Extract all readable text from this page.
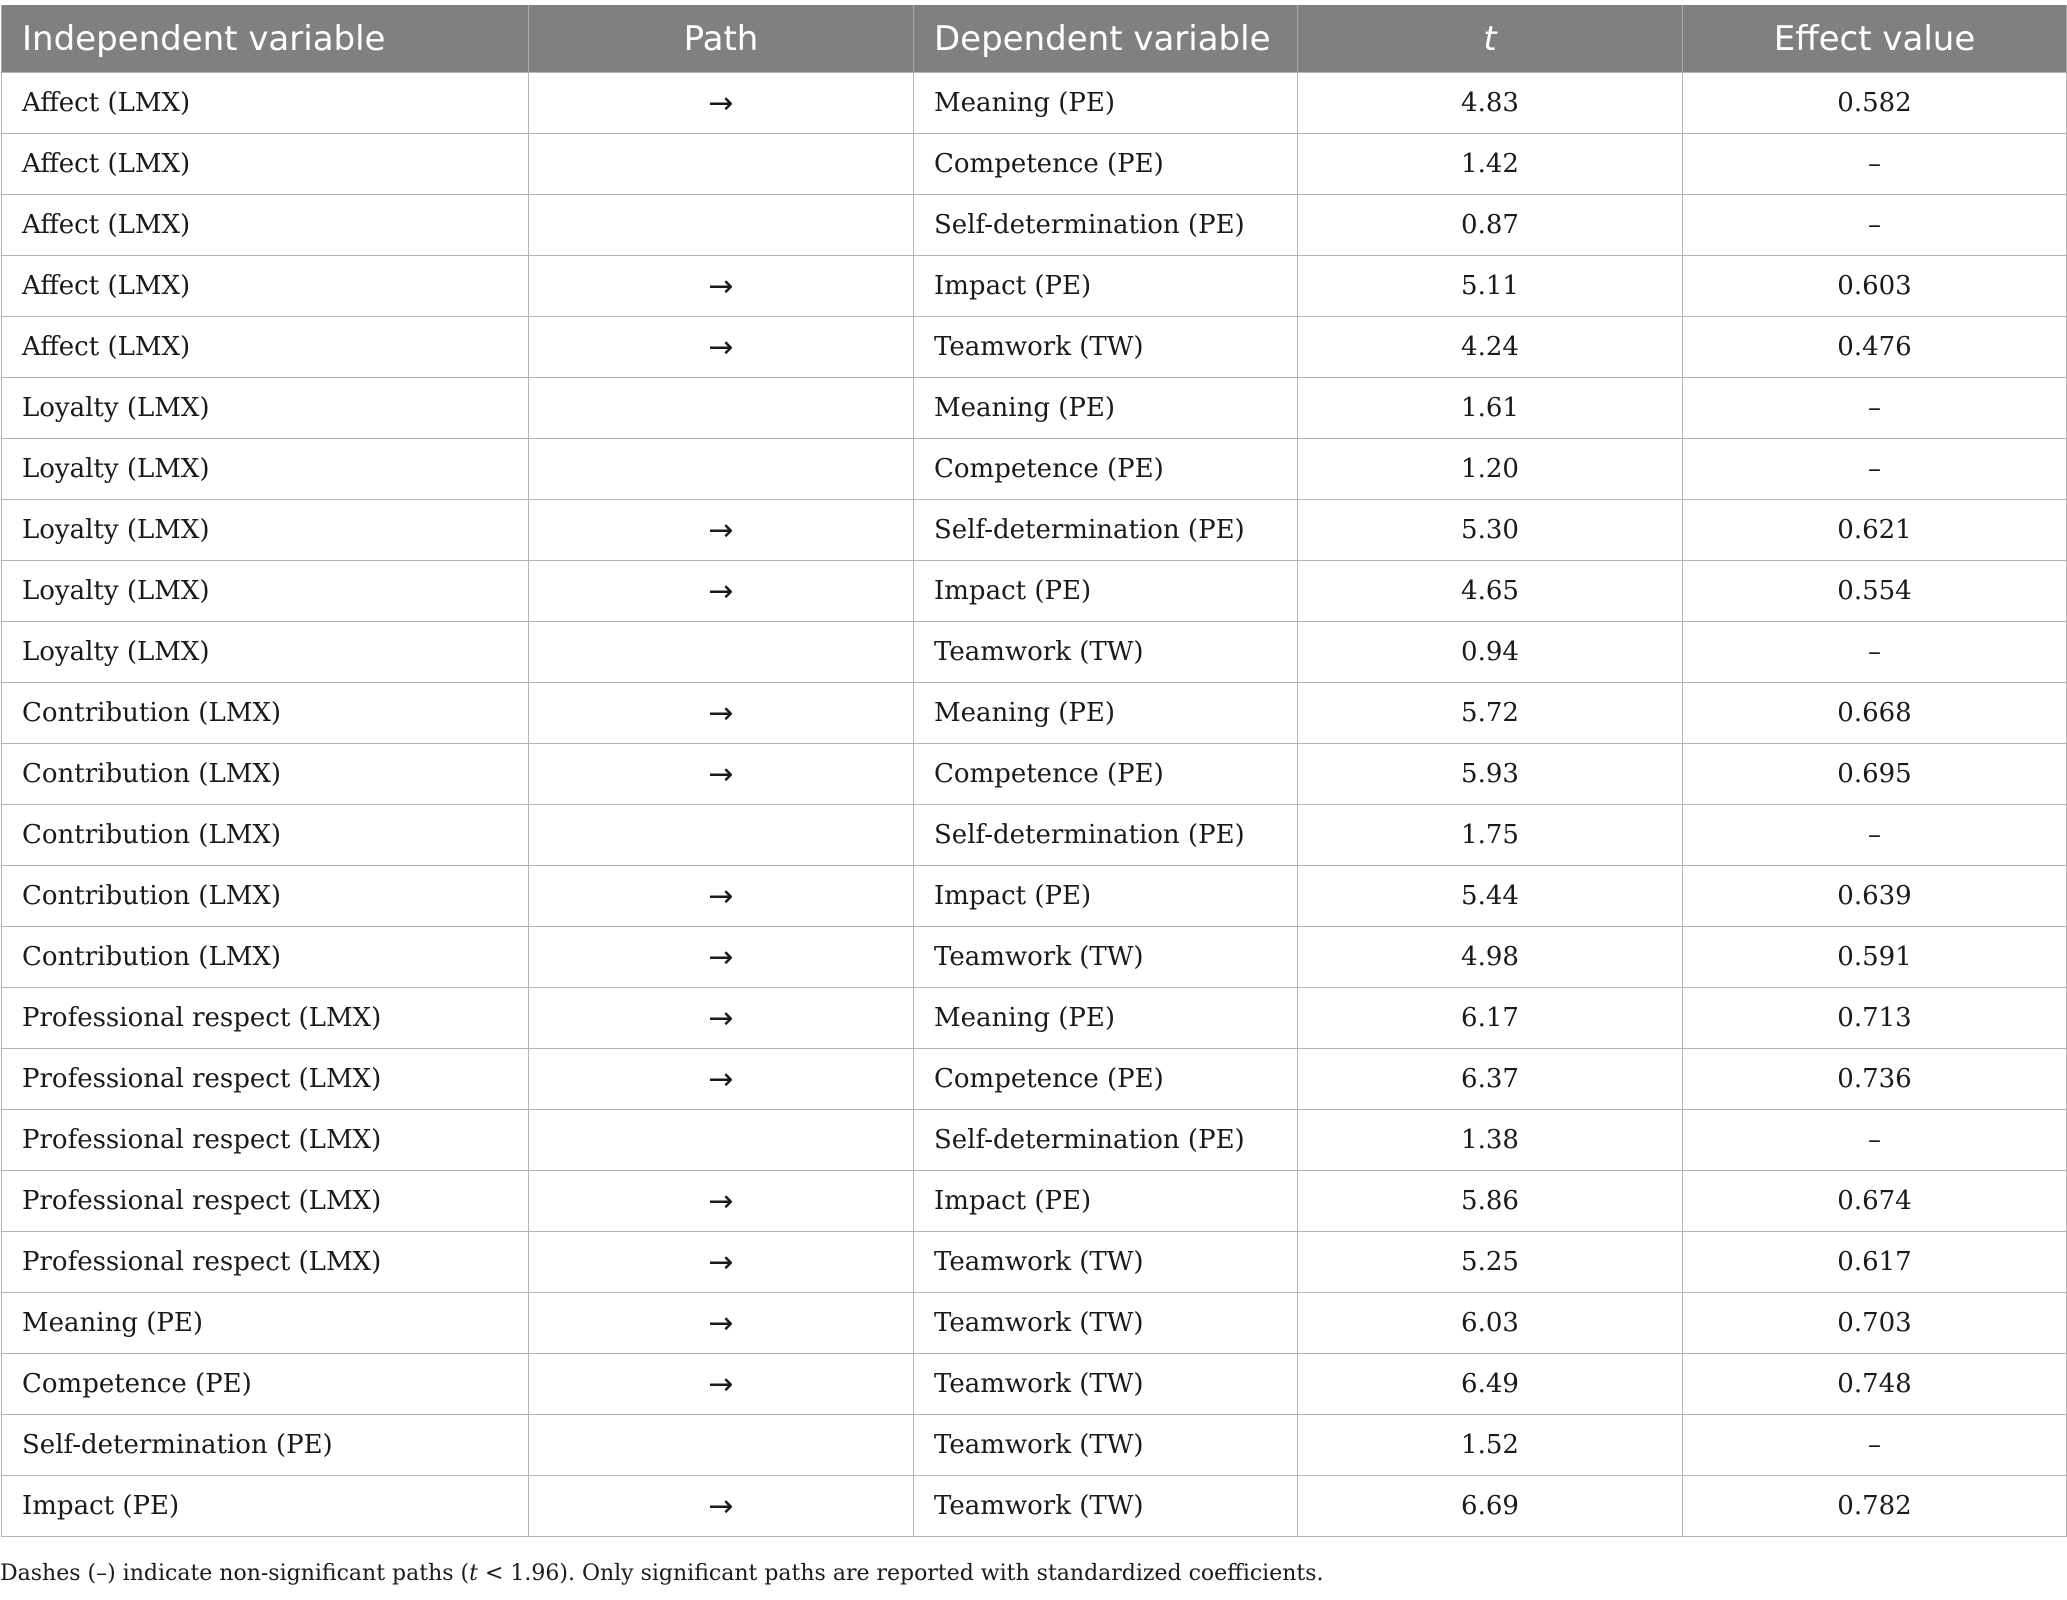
Independent variable	Path	Dependent variable	t	Effect value
Affect (LMX)	→	Meaning (PE)	4.83	0.582
Affect (LMX)		Competence (PE)	1.42	–
Affect (LMX)		Self-determination (PE)	0.87	–
Affect (LMX)	→	Impact (PE)	5.11	0.603
Affect (LMX)	→	Teamwork (TW)	4.24	0.476
Loyalty (LMX)		Meaning (PE)	1.61	–
Loyalty (LMX)		Competence (PE)	1.20	–
Loyalty (LMX)	→	Self-determination (PE)	5.30	0.621
Loyalty (LMX)	→	Impact (PE)	4.65	0.554
Loyalty (LMX)		Teamwork (TW)	0.94	–
Contribution (LMX)	→	Meaning (PE)	5.72	0.668
Contribution (LMX)	→	Competence (PE)	5.93	0.695
Contribution (LMX)		Self-determination (PE)	1.75	–
Contribution (LMX)	→	Impact (PE)	5.44	0.639
Contribution (LMX)	→	Teamwork (TW)	4.98	0.591
Professional respect (LMX)	→	Meaning (PE)	6.17	0.713
Professional respect (LMX)	→	Competence (PE)	6.37	0.736
Professional respect (LMX)		Self-determination (PE)	1.38	–
Professional respect (LMX)	→	Impact (PE)	5.86	0.674
Professional respect (LMX)	→	Teamwork (TW)	5.25	0.617
Meaning (PE)	→	Teamwork (TW)	6.03	0.703
Competence (PE)	→	Teamwork (TW)	6.49	0.748
Self-determination (PE)		Teamwork (TW)	1.52	–
Impact (PE)	→	Teamwork (TW)	6.69	0.782
Dashes (–) indicate non-significant paths (t < 1.96). Only significant paths are reported with standardized coefficients.
